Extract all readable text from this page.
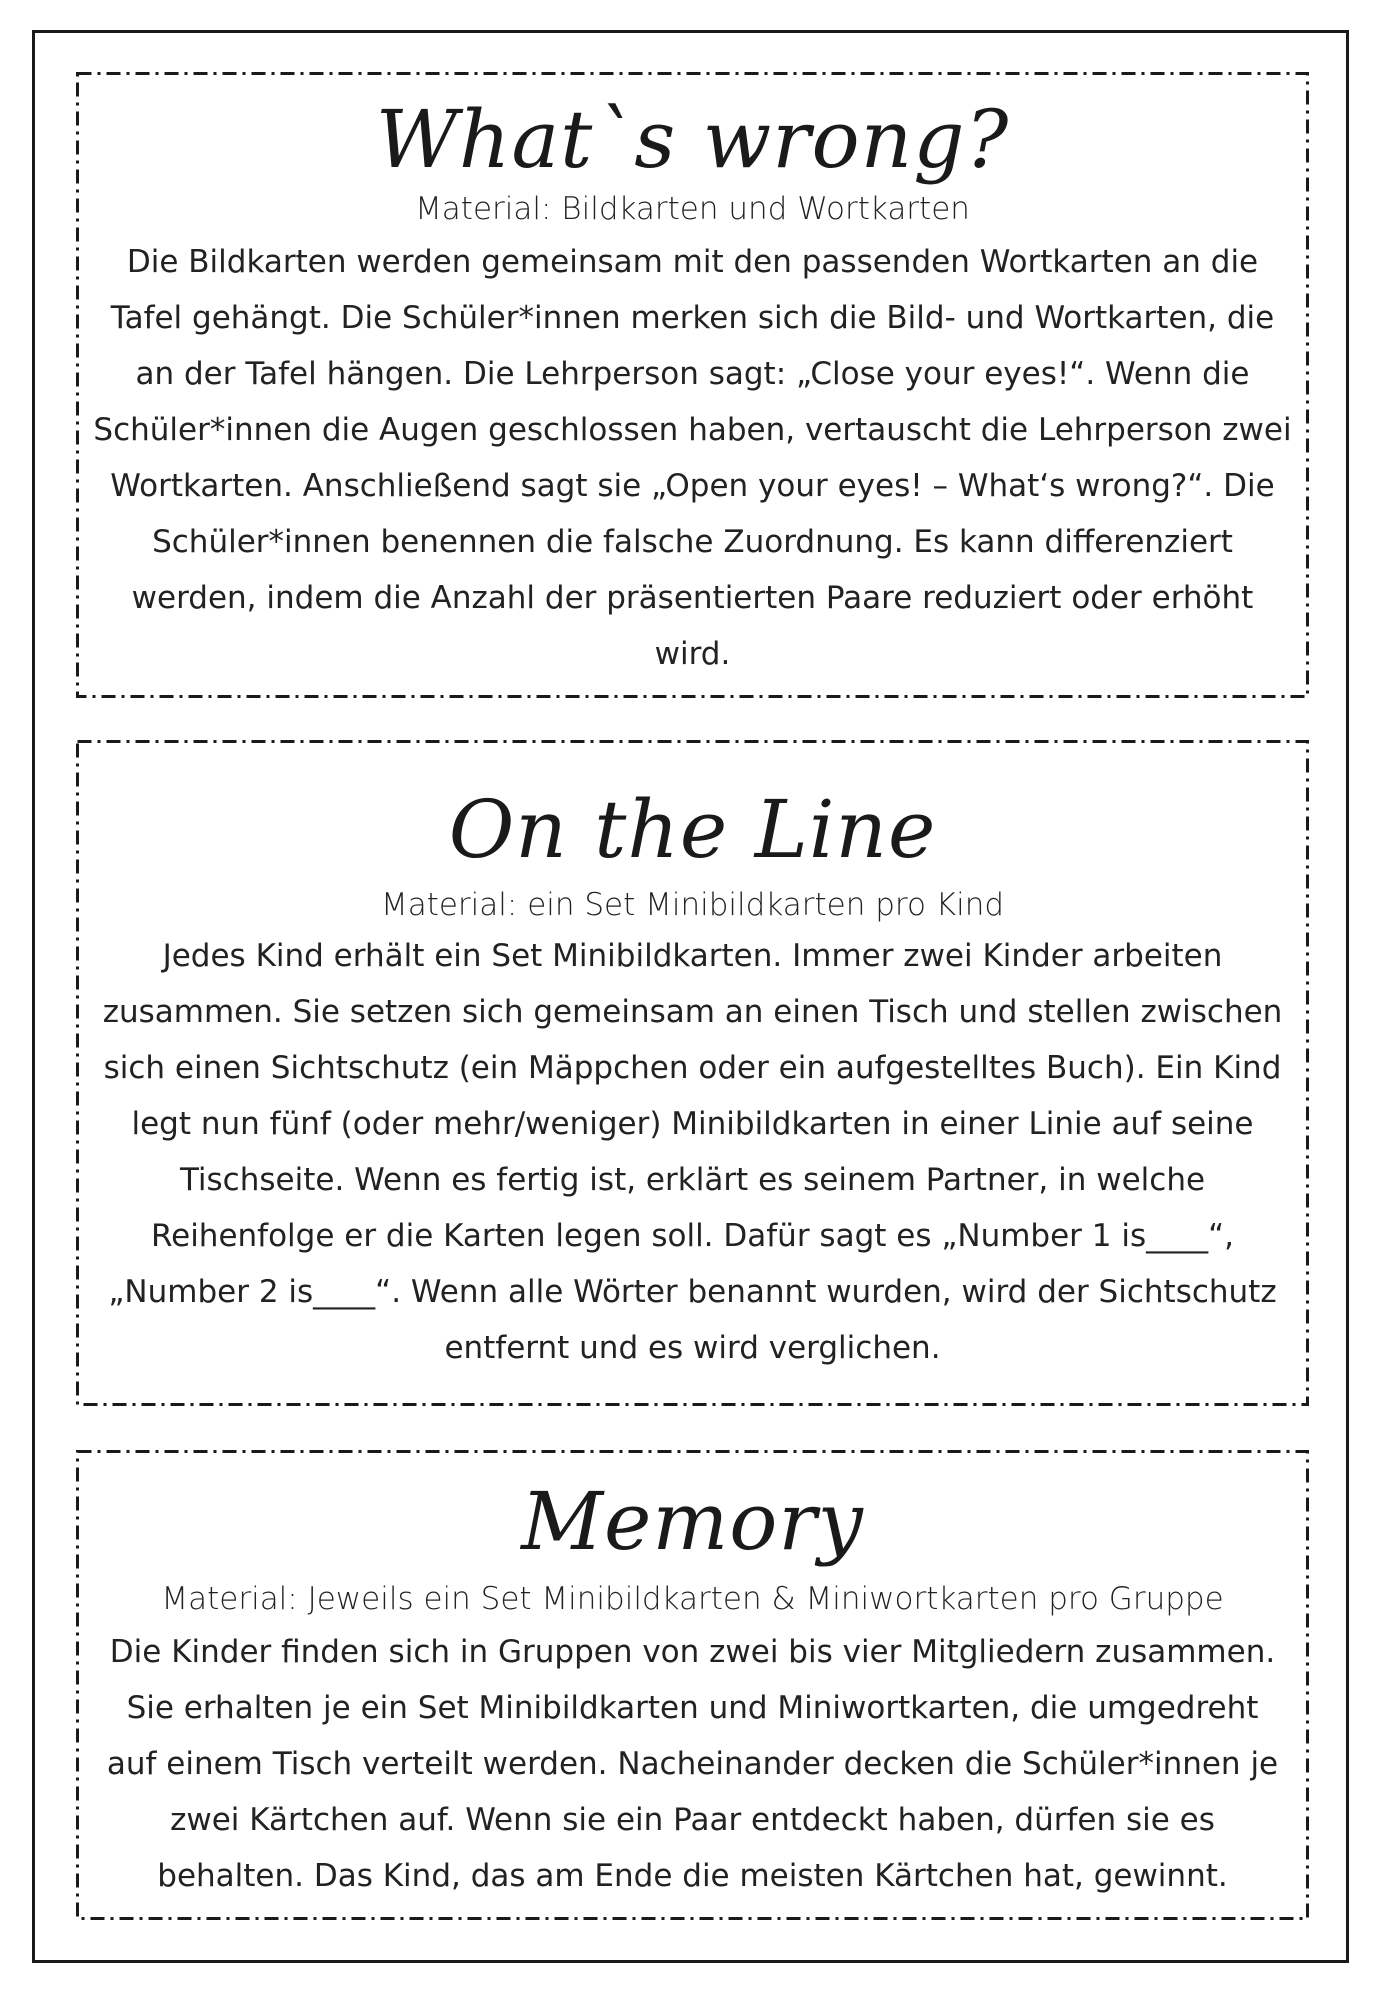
What`s wrong?

Material: Bildkarten und Wortkarten

Die Bildkarten werden gemeinsam mit den passenden Wortkarten an die Tafel gehängt. Die Schüler*innen merken sich die Bild- und Wortkarten, die an der Tafel hängen. Die Lehrperson sagt: „Close your eyes!“. Wenn die Schüler*innen die Augen geschlossen haben, vertauscht die Lehrperson zwei Wortkarten. Anschließend sagt sie „Open your eyes! – What‘s wrong?“. Die Schüler*innen benennen die falsche Zuordnung. Es kann differenziert werden, indem die Anzahl der präsentierten Paare reduziert oder erhöht wird.

On the Line

Material: ein Set Minibildkarten pro Kind

Jedes Kind erhält ein Set Minibildkarten. Immer zwei Kinder arbeiten zusammen. Sie setzen sich gemeinsam an einen Tisch und stellen zwischen sich einen Sichtschutz (ein Mäppchen oder ein aufgestelltes Buch). Ein Kind legt nun fünf (oder mehr/weniger) Minibildkarten in einer Linie auf seine Tischseite. Wenn es fertig ist, erklärt es seinem Partner, in welche Reihenfolge er die Karten legen soll. Dafür sagt es „Number 1 is____“, „Number 2 is____“. Wenn alle Wörter benannt wurden, wird der Sichtschutz entfernt und es wird verglichen.

Memory

Material: Jeweils ein Set Minibildkarten & Miniwortkarten pro Gruppe

Die Kinder finden sich in Gruppen von zwei bis vier Mitgliedern zusammen. Sie erhalten je ein Set Minibildkarten und Miniwortkarten, die umgedreht auf einem Tisch verteilt werden. Nacheinander decken die Schüler*innen je zwei Kärtchen auf. Wenn sie ein Paar entdeckt haben, dürfen sie es behalten. Das Kind, das am Ende die meisten Kärtchen hat, gewinnt.
